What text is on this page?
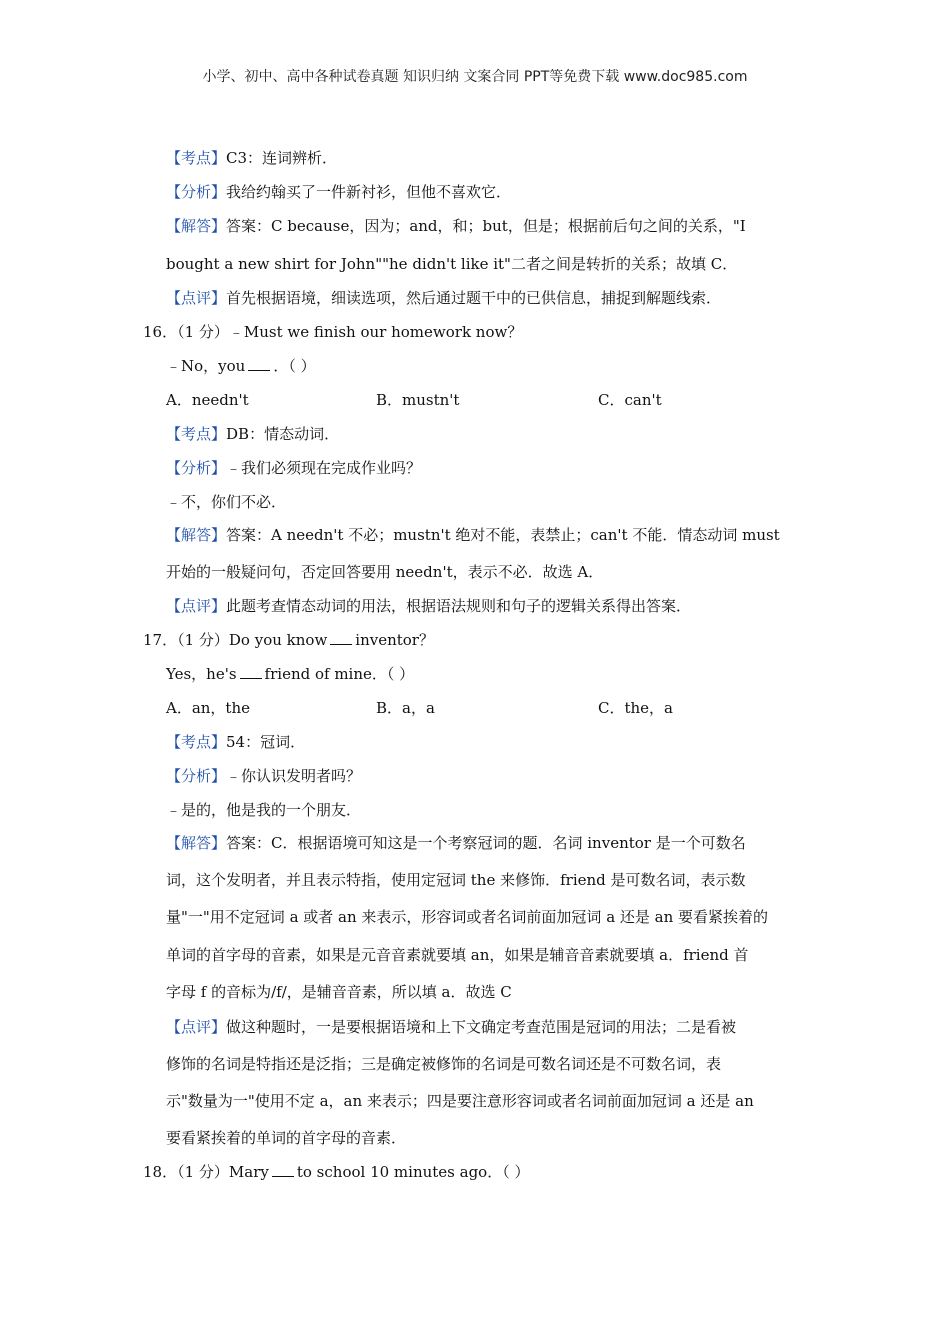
小学、初中、高中各种试卷真题 知识归纳 文案合同 PPT等免费下载 www.doc985.com
【考点】C3：连词辨析．
【分析】我给约翰买了一件新衬衫，但他不喜欢它．
【解答】答案：C because，因为；and，和；but，但是；根据前后句之间的关系，"I
bought a new shirt for John""he didn't like it"二者之间是转折的关系；故填 C．
【点评】首先根据语境，细读选项，然后通过题干中的已供信息，捕捉到解题线索．
16．（1 分）﹣Must we finish our homework now？
﹣No，you ．（ ）
A．needn't	B．mustn't	C．can't
【考点】DB：情态动词．
【分析】﹣我们必须现在完成作业吗？
﹣不，你们不必．
【解答】答案：A needn't 不必；mustn't 绝对不能，表禁止；can't 不能．情态动词 must
开始的一般疑问句，否定回答要用 needn't，表示不必．故选 A．
【点评】此题考查情态动词的用法，根据语法规则和句子的逻辑关系得出答案．
17．（1 分）Do you know inventor？
Yes，he's friend of mine．（ ）
A．an，the	B．a，a	C．the，a
【考点】54：冠词．
【分析】﹣你认识发明者吗？
﹣是的，他是我的一个朋友．
【解答】答案：C．根据语境可知这是一个考察冠词的题．名词 inventor 是一个可数名
词，这个发明者，并且表示特指，使用定冠词 the 来修饰．friend 是可数名词，表示数
量"一"用不定冠词 a 或者 an 来表示，形容词或者名词前面加冠词 a 还是 an 要看紧挨着的
单词的首字母的音素，如果是元音音素就要填 an，如果是辅音音素就要填 a．friend 首
字母 f 的音标为/f/，是辅音音素，所以填 a．故选 C
【点评】做这种题时，一是要根据语境和上下文确定考查范围是冠词的用法；二是看被
修饰的名词是特指还是泛指；三是确定被修饰的名词是可数名词还是不可数名词，表
示"数量为一"使用不定 a，an 来表示；四是要注意形容词或者名词前面加冠词 a 还是 an
要看紧挨着的单词的首字母的音素．
18．（1 分）Mary to school 10 minutes ago．（ ）
